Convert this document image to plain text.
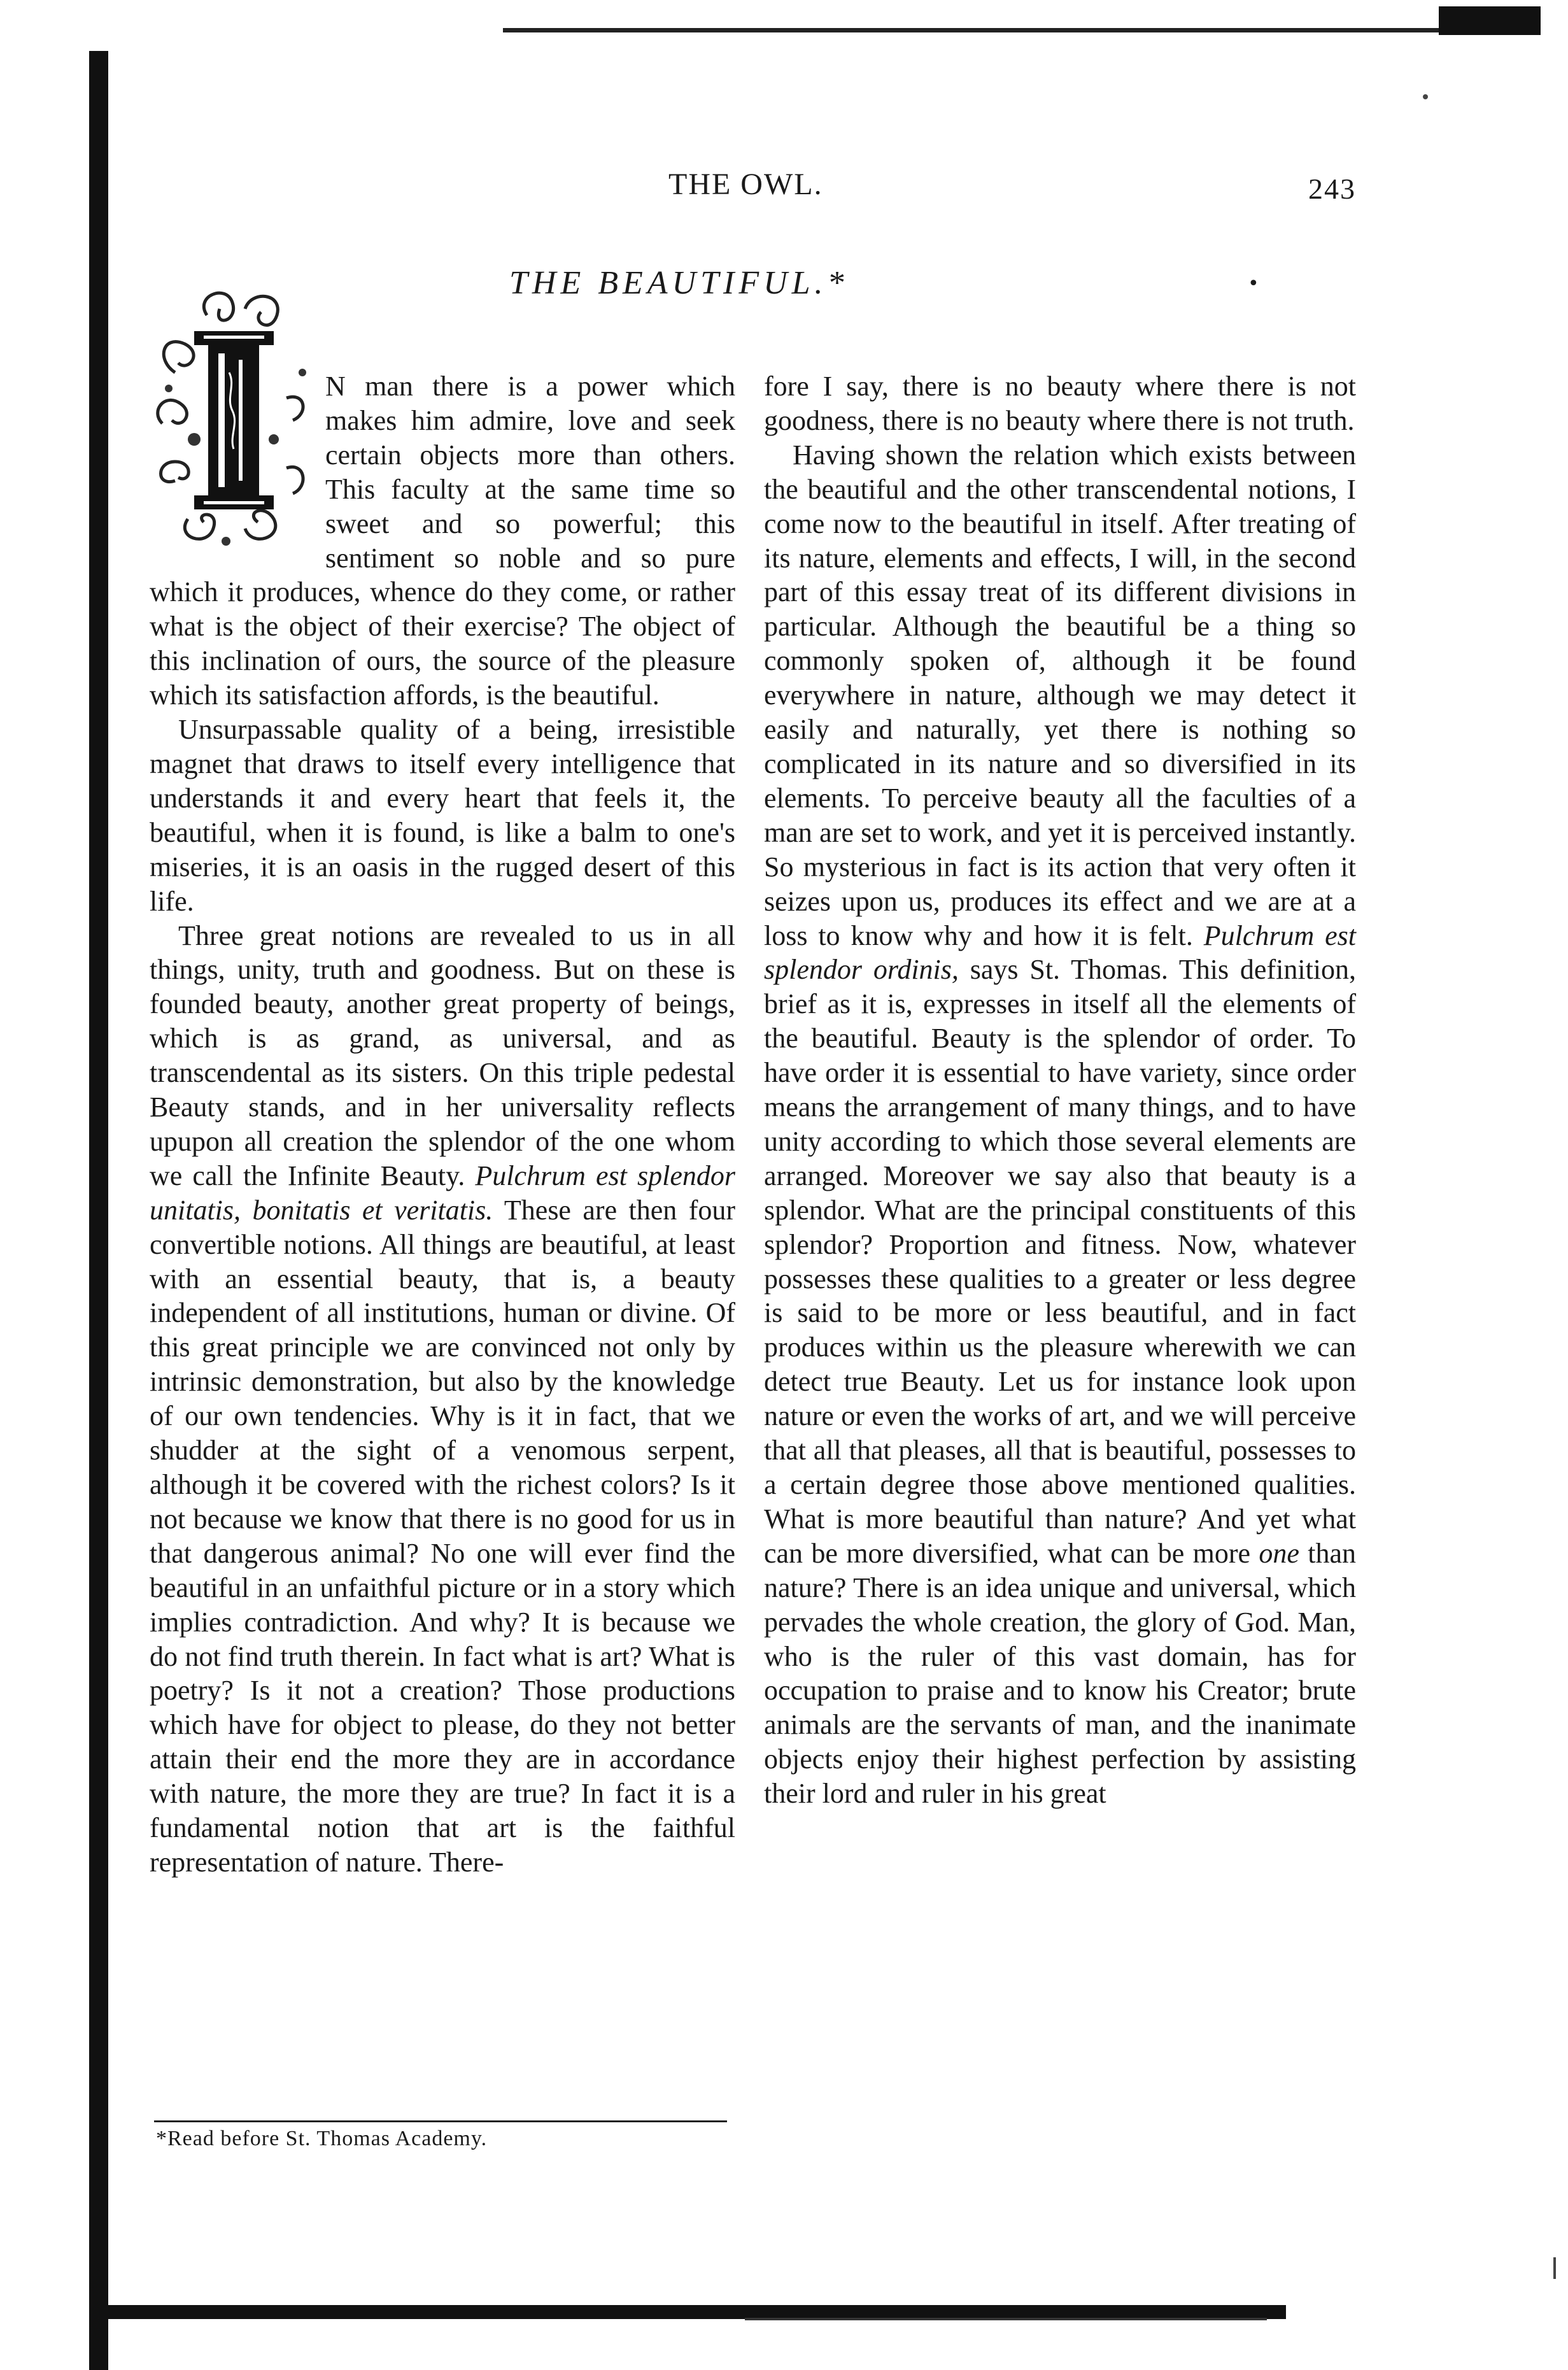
THE OWL.	243
THE BEAUTIFUL.*	•

N man there is a power which makes him admire, love and seek certain objects more than others. This faculty at the same time so sweet and so powerful; this sentiment so noble and so pure which it produces, whence do they come, or rather what is the object of their exercise? The object of this inclination of ours, the source of the pleasure which its satisfaction affords, is the beautiful.

Unsurpassable quality of a being, irresistible magnet that draws to itself every intelligence that understands it and every heart that feels it, the beautiful, when it is found, is like a balm to one's miseries, it is an oasis in the rugged desert of this life.

Three great notions are revealed to us in all things, unity, truth and goodness. But on these is founded beauty, another great property of beings, which is as grand, as universal, and as transcendental as its sisters. On this triple pedestal Beauty stands, and in her universality reflects upupon all creation the splendor of the one whom we call the Infinite Beauty. Pulchrum est splendor unitatis, bonitatis et veritatis. These are then four convertible notions. All things are beautiful, at least with an essential beauty, that is, a beauty independent of all institutions, human or divine. Of this great principle we are convinced not only by intrinsic demonstration, but also by the knowledge of our own tendencies. Why is it in fact, that we shudder at the sight of a venomous serpent, although it be covered with the richest colors? Is it not because we know that there is no good for us in that dangerous animal? No one will ever find the beautiful in an unfaithful picture or in a story which implies contradiction. And why? It is because we do not find truth therein. In fact what is art? What is poetry? Is it not a creation? Those productions which have for object to please, do they not better attain their end the more they are in accordance with nature, the more they are true? In fact it is a fundamental notion that art is the faithful representation of nature. There-

*Read before St. Thomas Academy.

fore I say, there is no beauty where there is not goodness, there is no beauty where there is not truth.

Having shown the relation which exists between the beautiful and the other transcendental notions, I come now to the beautiful in itself. After treating of its nature, elements and effects, I will, in the second part of this essay treat of its different divisions in particular. Although the beautiful be a thing so commonly spoken of, although it be found everywhere in nature, although we may detect it easily and naturally, yet there is nothing so complicated in its nature and so diversified in its elements. To perceive beauty all the faculties of a man are set to work, and yet it is perceived instantly. So mysterious in fact is its action that very often it seizes upon us, produces its effect and we are at a loss to know why and how it is felt. Pulchrum est splendor ordinis, says St. Thomas. This definition, brief as it is, expresses in itself all the elements of the beautiful. Beauty is the splendor of order. To have order it is essential to have variety, since order means the arrangement of many things, and to have unity according to which those several elements are arranged. Moreover we say also that beauty is a splendor. What are the principal constituents of this splendor? Proportion and fitness. Now, whatever possesses these qualities to a greater or less degree is said to be more or less beautiful, and in fact produces within us the pleasure wherewith we can detect true Beauty. Let us for instance look upon nature or even the works of art, and we will perceive that all that pleases, all that is beautiful, possesses to a certain degree those above mentioned qualities. What is more beautiful than nature? And yet what can be more diversified, what can be more one than nature? There is an idea unique and universal, which pervades the whole creation, the glory of God. Man, who is the ruler of this vast domain, has for occupation to praise and to know his Creator; brute animals are the servants of man, and the inanimate objects enjoy their highest perfection by assisting their lord and ruler in his great
